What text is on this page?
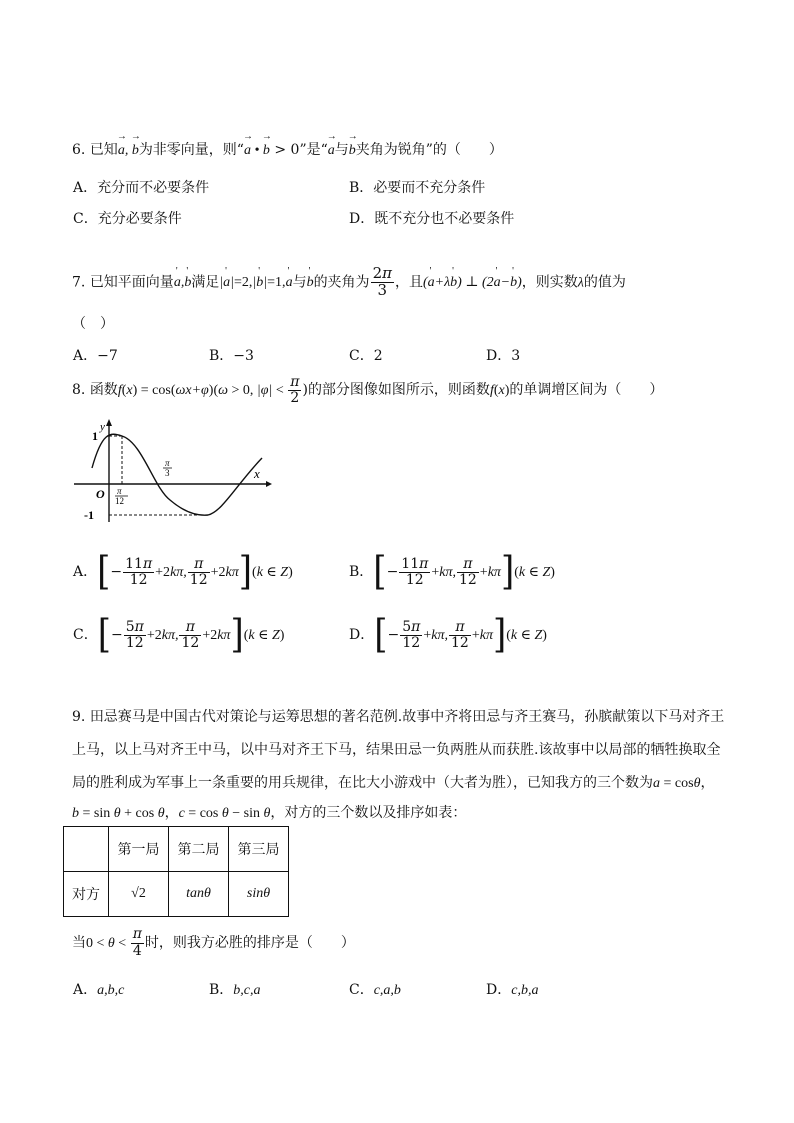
6. 已知→ a, → b为非零向量，则“→ a • → b > 0”是“→ a与→ b夹角为锐角”的（　　）
A．充分而不必要条件	B．必要而不充分条件
C．充分必要条件	D．既不充分也不必要条件
7. 已知平面向量' a,' b满足|' a|=2,|' b|=1,' a与' b的夹角为 $\frac{2\pi}{3}$ ，且(' a+λ' b) ⊥ (2' a−' b)，则实数λ的值为
（　）
A．−7	B．−3	C．2	D．3
8. 函数f(x) = cos(ωx+φ)(ω > 0, $|\varphi| < \frac{\pi}{2}$ )的部分图像如图所示，则函数f(x)的单调增区间为（　　）
y
x
O
1
-1
π
12
π
3
A．[− $\frac{11\pi}{12} +2k\pi$, $\frac{\pi}{12} +2k\pi](k$ ∈ Z)	B．[− $\frac{11\pi}{12} +k\pi$, $\frac{\pi}{12} +k\pi](k$ ∈ Z)
C．[− $\frac{5\pi}{12} +2k\pi$, $\frac{\pi}{12} +2k\pi](k$ ∈ Z)	D．[− $\frac{5\pi}{12} +k\pi$, $\frac{\pi}{12} +k\pi](k$ ∈ Z)
9. 田忌赛马是中国古代对策论与运筹思想的著名范例.故事中齐将田忌与齐王赛马，孙膑献策以下马对齐王
上马，以上马对齐王中马，以中马对齐王下马，结果田忌一负两胜从而获胜.该故事中以局部的牺牲换取全
局的胜利成为军事上一条重要的用兵规律，在比大小游戏中（大者为胜），已知我方的三个数为a = cosθ，
b = sin θ + cos θ，c = cos θ − sin θ，对方的三个数以及排序如表：
	第一局	第二局	第三局
对方	√2	tanθ	sinθ
当$0 < \theta < \frac{\pi}{4}$ 时，则我方必胜的排序是（　　）
A．a,b,c	B．b,c,a	C．c,a,b	D．c,b,a
